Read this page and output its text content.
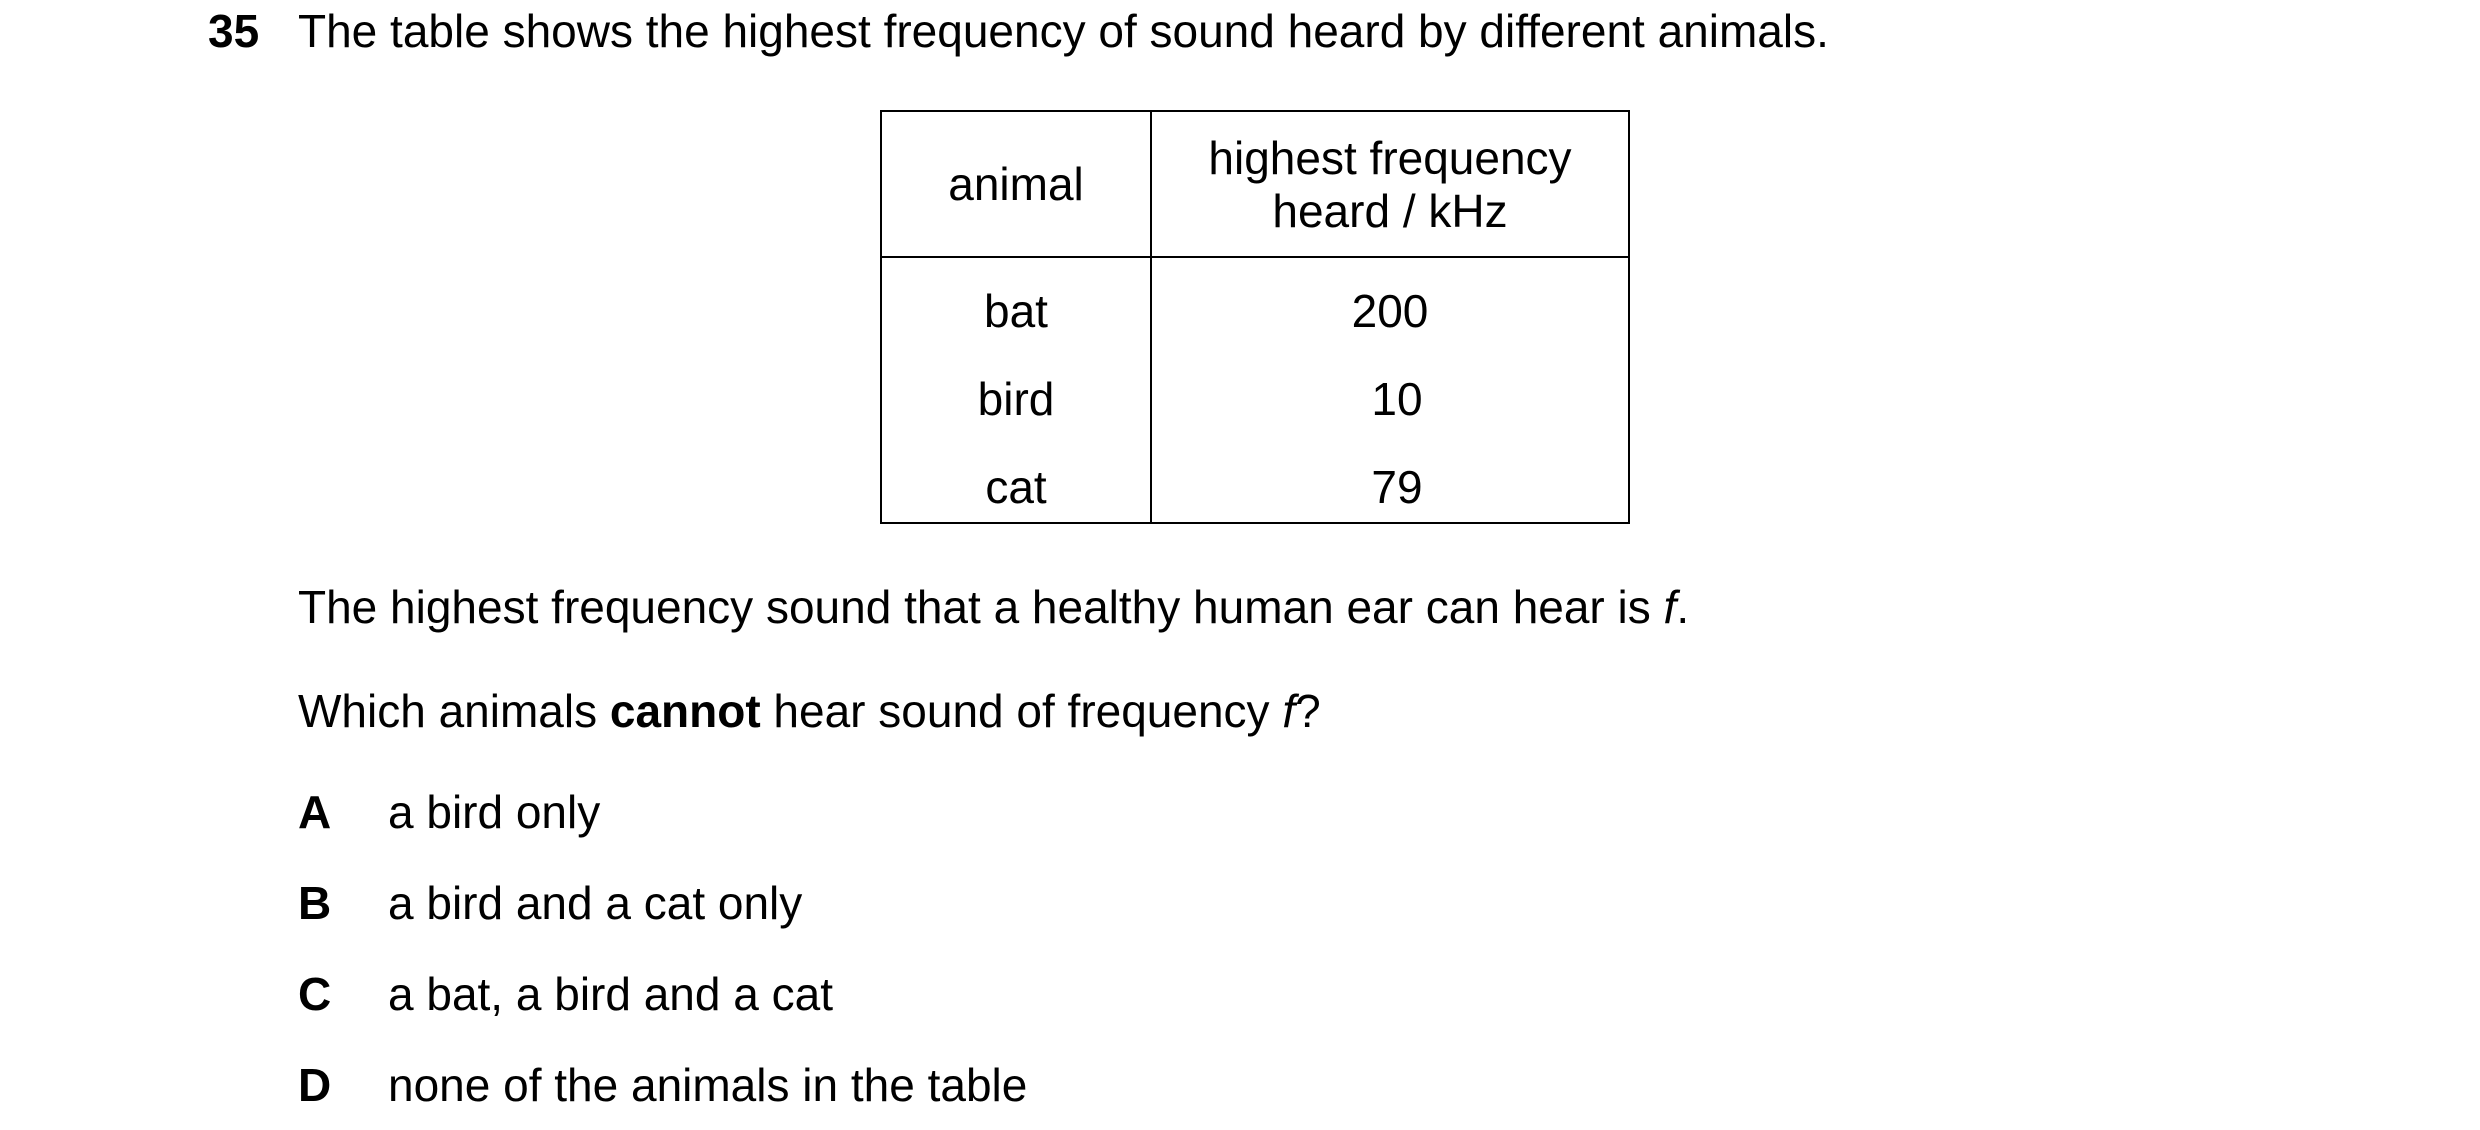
35 The table shows the highest frequency of sound heard by different animals.
animal	highest frequency
heard / kHz
bat	200
bird	10
cat	79
The highest frequency sound that a healthy human ear can hear is f.
Which animals cannot hear sound of frequency f?
A a bird only
B a bird and a cat only
C a bat, a bird and a cat
D none of the animals in the table
